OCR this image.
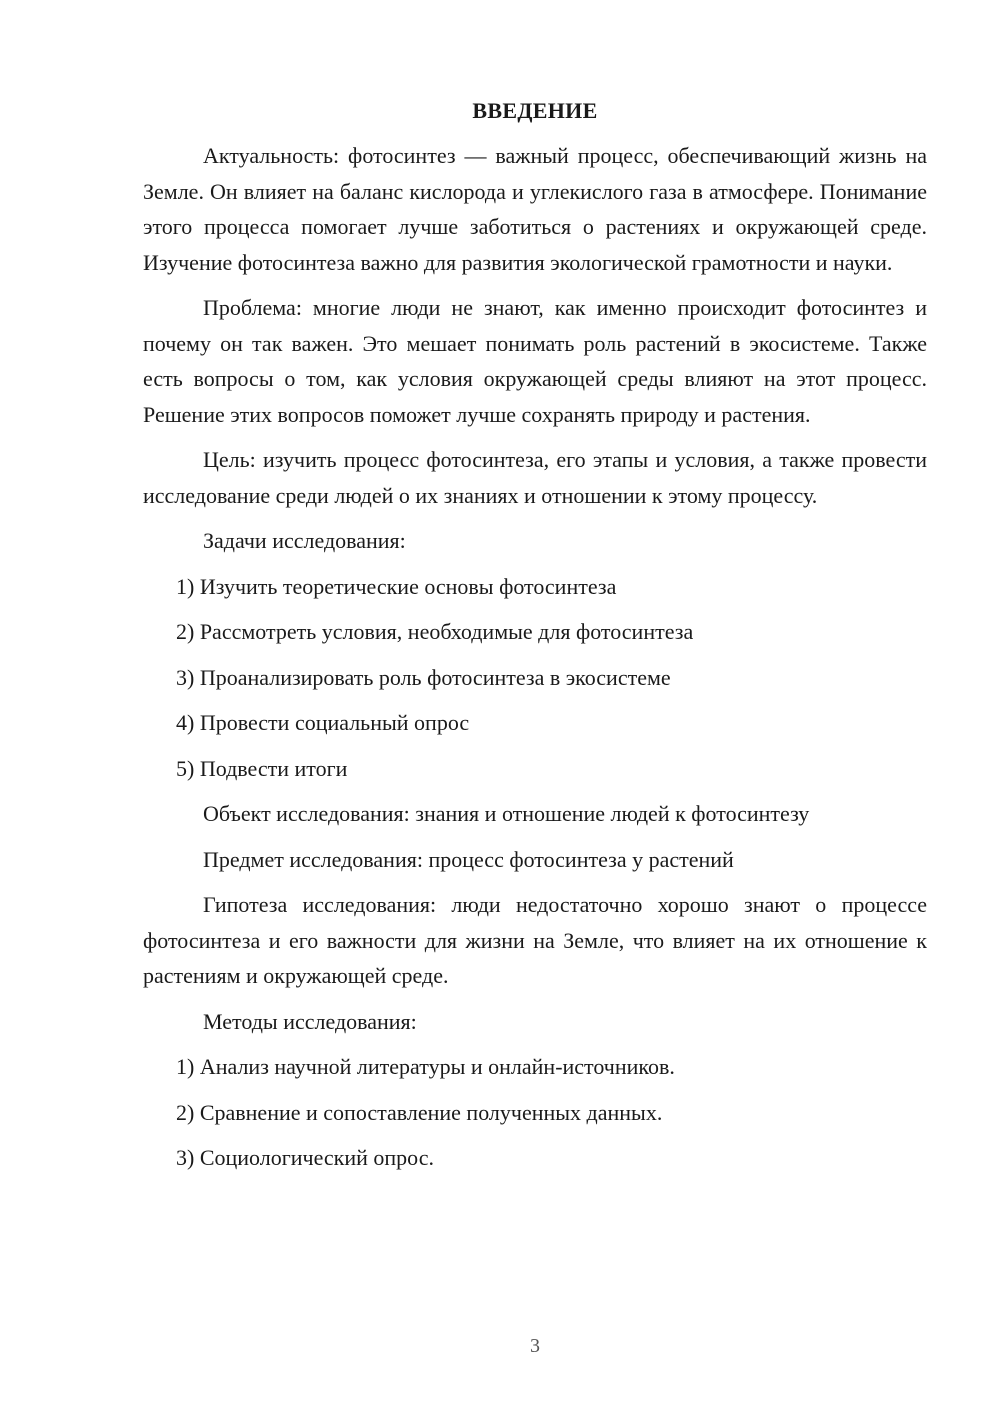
ВВЕДЕНИЕ

Актуальность: фотосинтез — важный процесс, обеспечивающий жизнь на Земле. Он влияет на баланс кислорода и углекислого газа в атмосфере. Понимание этого процесса помогает лучше заботиться о растениях и окружающей среде. Изучение фотосинтеза важно для развития экологической грамотности и науки.

Проблема: многие люди не знают, как именно происходит фотосинтез и почему он так важен. Это мешает понимать роль растений в экосистеме. Также есть вопросы о том, как условия окружающей среды влияют на этот процесс. Решение этих вопросов поможет лучше сохранять природу и растения.

Цель: изучить процесс фотосинтеза, его этапы и условия, а также провести исследование среди людей о их знаниях и отношении к этому процессу.

Задачи исследования:
1) Изучить теоретические основы фотосинтеза
2) Рассмотреть условия, необходимые для фотосинтеза
3) Проанализировать роль фотосинтеза в экосистеме
4) Провести социальный опрос
5) Подвести итоги
Объект исследования: знания и отношение людей к фотосинтезу
Предмет исследования: процесс фотосинтеза у растений

Гипотеза исследования: люди недостаточно хорошо знают о процессе фотосинтеза и его важности для жизни на Земле, что влияет на их отношение к растениям и окружающей среде.

Методы исследования:
1) Анализ научной литературы и онлайн-источников.
2) Сравнение и сопоставление полученных данных.
3) Социологический опрос.
3
